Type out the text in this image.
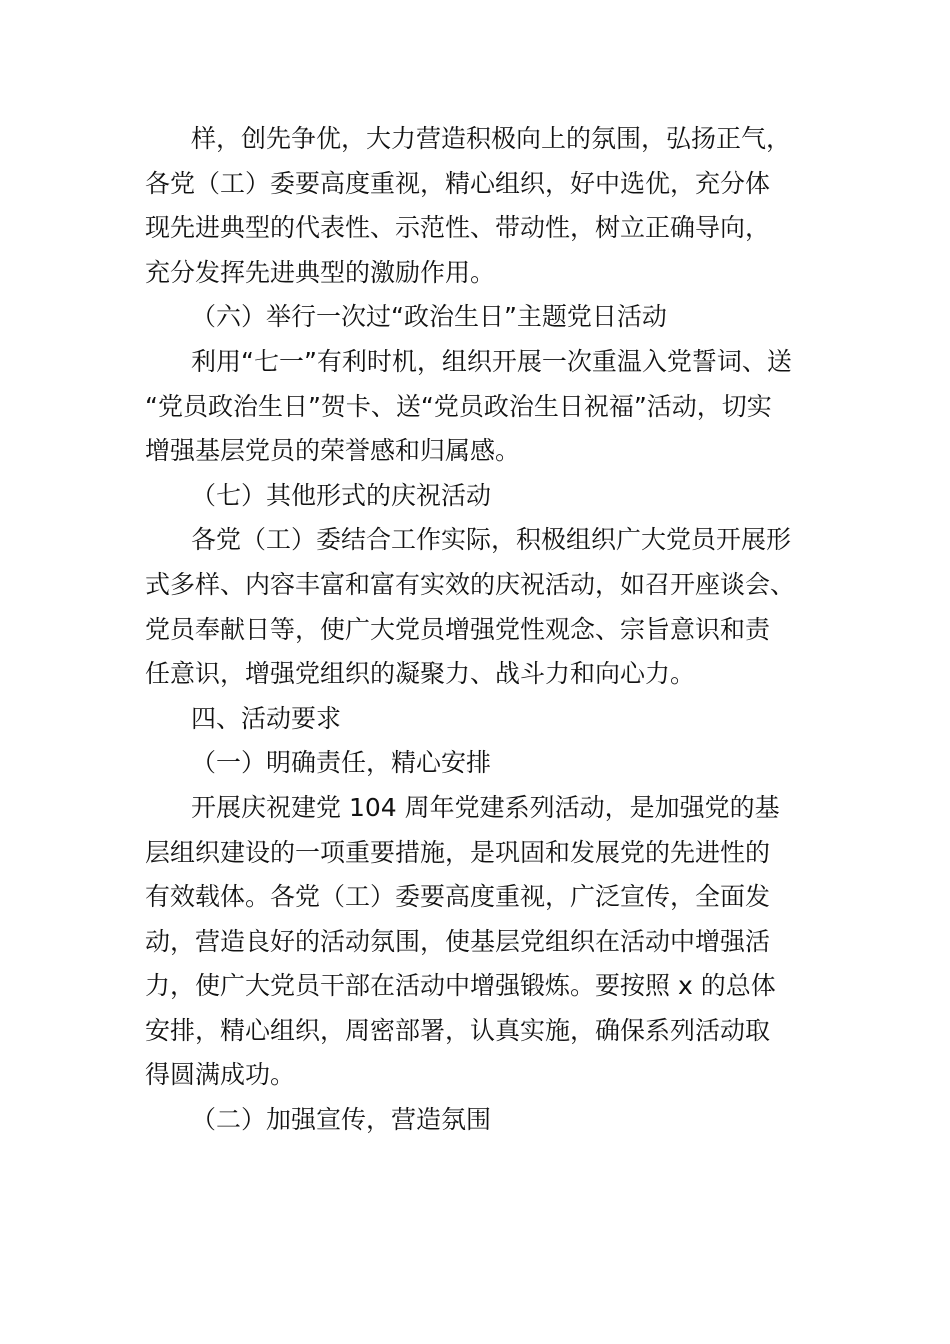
样，创先争优，大力营造积极向上的氛围，弘扬正气，
各党（工）委要高度重视，精心组织，好中选优，充分体
现先进典型的代表性、示范性、带动性，树立正确导向，
充分发挥先进典型的激励作用。
（六）举行一次过“政治生日”主题党日活动
利用“七一”有利时机，组织开展一次重温入党誓词、送
“党员政治生日”贺卡、送“党员政治生日祝福”活动，切实
增强基层党员的荣誉感和归属感。
（七）其他形式的庆祝活动
各党（工）委结合工作实际，积极组织广大党员开展形
式多样、内容丰富和富有实效的庆祝活动，如召开座谈会、
党员奉献日等，使广大党员增强党性观念、宗旨意识和责
任意识，增强党组织的凝聚力、战斗力和向心力。
四、活动要求
（一）明确责任，精心安排
开展庆祝建党 104 周年党建系列活动，是加强党的基
层组织建设的一项重要措施，是巩固和发展党的先进性的
有效载体。各党（工）委要高度重视，广泛宣传，全面发
动，营造良好的活动氛围，使基层党组织在活动中增强活
力，使广大党员干部在活动中增强锻炼。要按照 x 的总体
安排，精心组织，周密部署，认真实施，确保系列活动取
得圆满成功。
（二）加强宣传，营造氛围
